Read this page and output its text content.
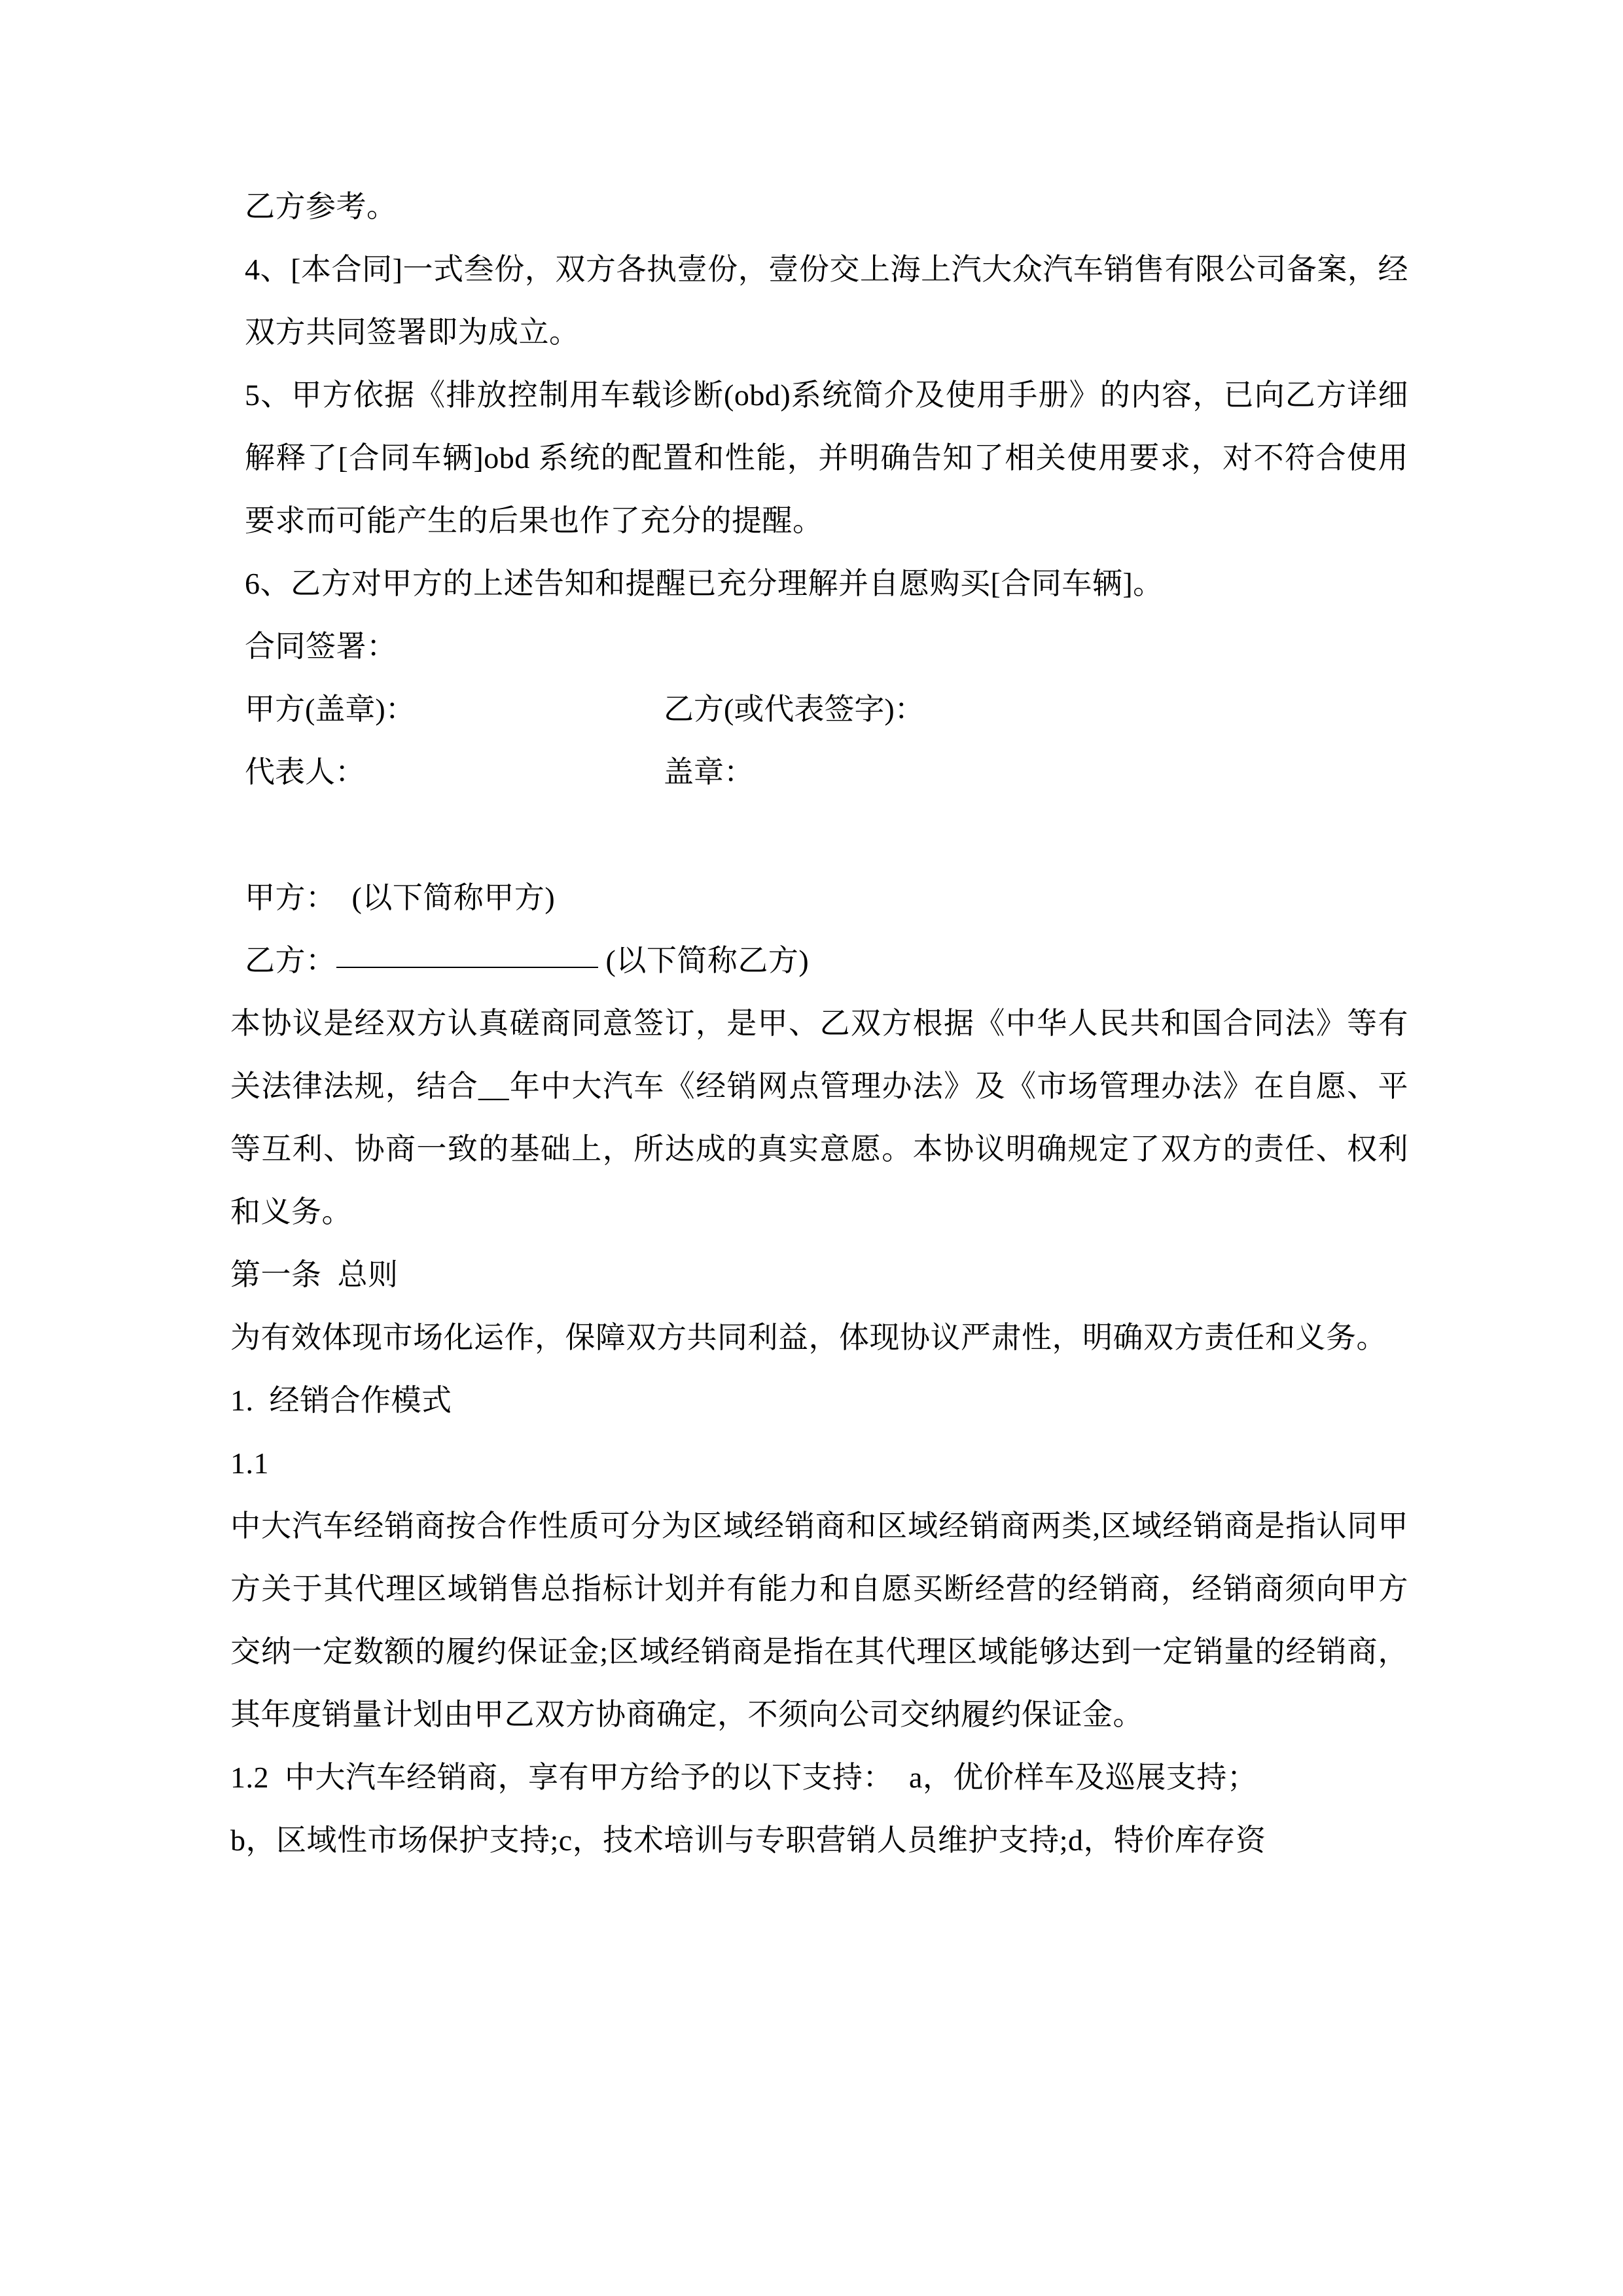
乙方参考。

4、[本合同]一式叁份，双方各执壹份，壹份交上海上汽大众汽车销售有限公司备案，经双方共同签署即为成立。

5、甲方依据《排放控制用车载诊断(obd)系统简介及使用手册》的内容，已向乙方详细解释了[合同车辆]obd 系统的配置和性能，并明确告知了相关使用要求，对不符合使用要求而可能产生的后果也作了充分的提醒。

6、乙方对甲方的上述告知和提醒已充分理解并自愿购买[合同车辆]。

合同签署：

甲方(盖章)：	乙方(或代表签字)：
代表人：	盖章：

甲方：  (以下简称甲方)

乙方：	(以下简称乙方)

本协议是经双方认真磋商同意签订，是甲、乙双方根据《中华人民共和国合同法》等有关法律法规，结合__年中大汽车《经销网点管理办法》及《市场管理办法》在自愿、平等互利、协商一致的基础上，所达成的真实意愿。本协议明确规定了双方的责任、权利和义务。

第一条  总则

为有效体现市场化运作，保障双方共同利益，体现协议严肃性，明确双方责任和义务。

1.  经销合作模式

1.1

中大汽车经销商按合作性质可分为区域经销商和区域经销商两类,区域经销商是指认同甲方关于其代理区域销售总指标计划并有能力和自愿买断经营的经销商，经销商须向甲方交纳一定数额的履约保证金;区域经销商是指在其代理区域能够达到一定销量的经销商，其年度销量计划由甲乙双方协商确定，不须向公司交纳履约保证金。

1.2  中大汽车经销商，享有甲方给予的以下支持：  a，优价样车及巡展支持；

b，区域性市场保护支持;c，技术培训与专职营销人员维护支持;d，特价库存资
